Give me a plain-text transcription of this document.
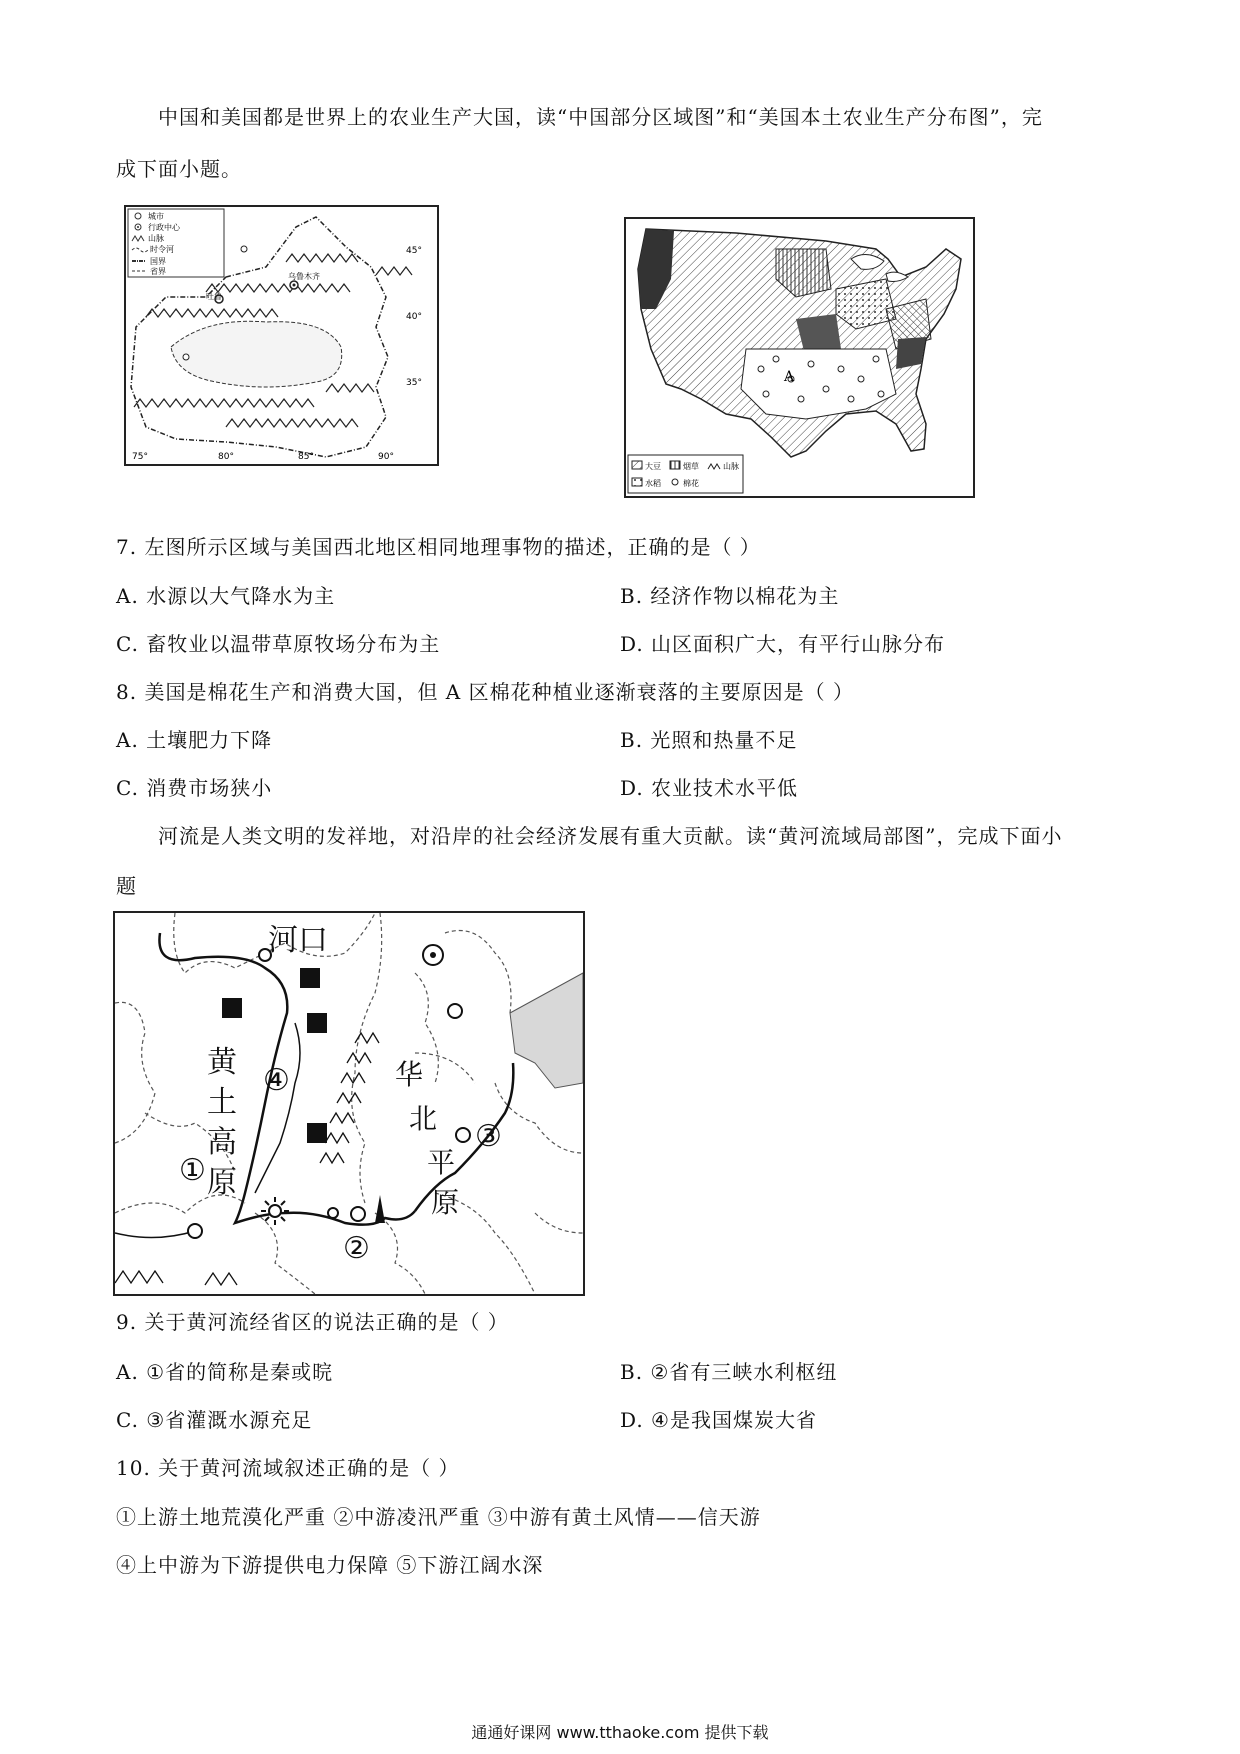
中国和美国都是世界上的农业生产大国，读“中国部分区域图”和“美国本土农业生产分布图”，完
成下面小题。
城市
行政中心
山脉
时令河
国界
省界
乌鲁木齐
吐鲁
45°
40°
35°
75°	80°	85°	90°
A
大豆	烟草	山脉
水稻	棉花
7. 左图所示区域与美国西北地区相同地理事物的描述，正确的是（ ）
A. 水源以大气降水为主	B. 经济作物以棉花为主
C. 畜牧业以温带草原牧场分布为主	D. 山区面积广大，有平行山脉分布
8. 美国是棉花生产和消费大国，但 A 区棉花种植业逐渐衰落的主要原因是（ ）
A. 土壤肥力下降	B. 光照和热量不足
C. 消费市场狭小	D. 农业技术水平低
河流是人类文明的发祥地，对沿岸的社会经济发展有重大贡献。读“黄河流域局部图”，完成下面小
题
河口
黄
土
高
原
华
北
平
原
①
②
③
④
9. 关于黄河流经省区的说法正确的是（ ）
A. ①省的简称是秦或晥	B. ②省有三峡水利枢纽
C. ③省灌溉水源充足	D. ④是我国煤炭大省
10. 关于黄河流域叙述正确的是（ ）
①上游土地荒漠化严重 ②中游凌汛严重 ③中游有黄土风情——信天游
④上中游为下游提供电力保障 ⑤下游江阔水深
通通好课网 www.tthaoke.com 提供下载
